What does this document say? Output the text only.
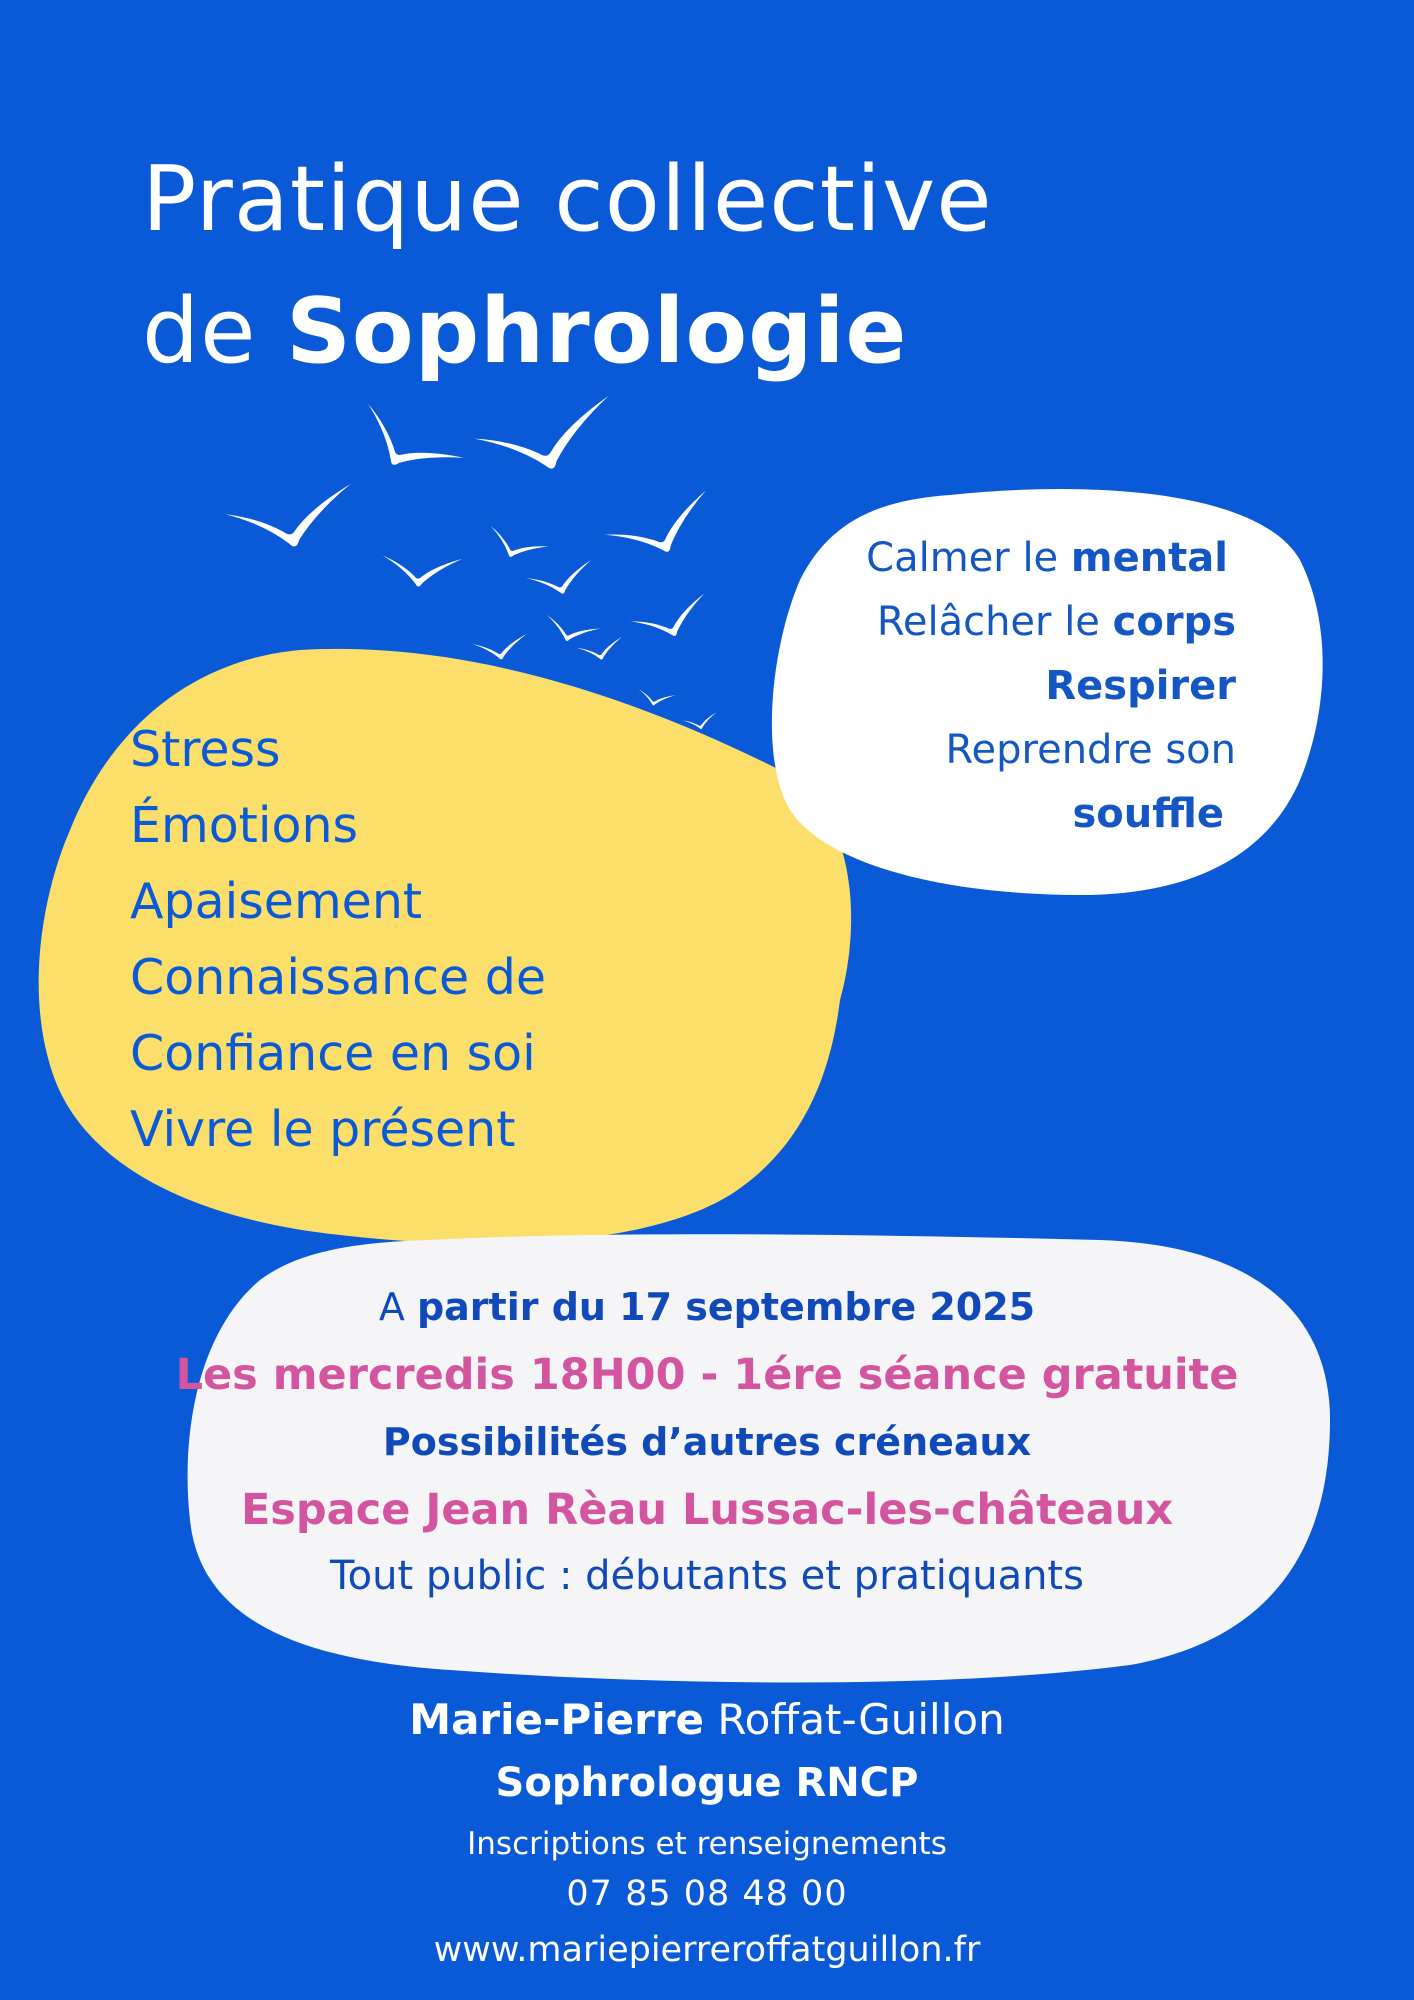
Pratique collective
de Sophrologie

Stress

Émotions

Apaisement

Connaissance de

Confiance en soi

Vivre le présent

Calmer le mental

Relâcher le corps

Respirer

Reprendre son

souffle

A partir du 17 septembre 2025

Les mercredis 18H00 - 1ére séance gratuite

Possibilités d’autres créneaux

Espace Jean Rèau Lussac-les-châteaux

Tout public : débutants et pratiquants

Marie-Pierre Roffat-Guillon

Sophrologue RNCP

Inscriptions et renseignements

07 85 08 48 00

www.mariepierreroffatguillon.fr
